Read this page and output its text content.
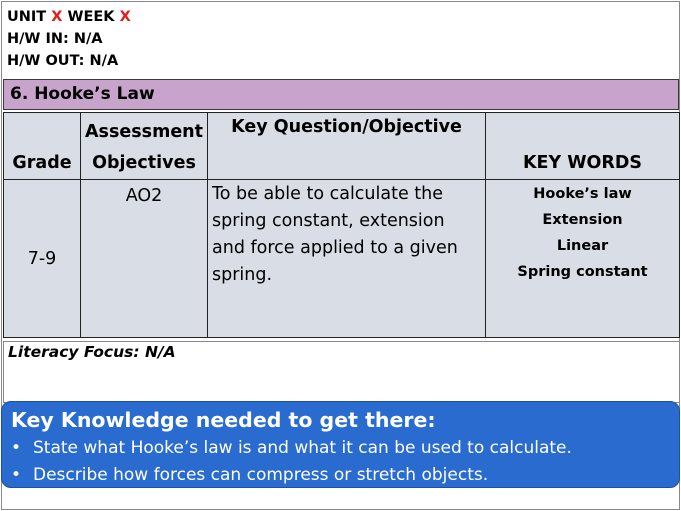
UNIT X WEEK X
H/W IN: N/A
H/W OUT: N/A
6. Hooke’s Law
Grade	Assessment Objectives	Key Question/Objective	KEY WORDS
7-9	AO2	To be able to calculate the spring constant, extension and force applied to a given spring.	Hooke’s law
Extension
Linear
Spring constant
Literacy Focus: N/A
Key Knowledge needed to get there:
• State what Hooke’s law is and what it can be used to calculate.
• Describe how forces can compress or stretch objects.
